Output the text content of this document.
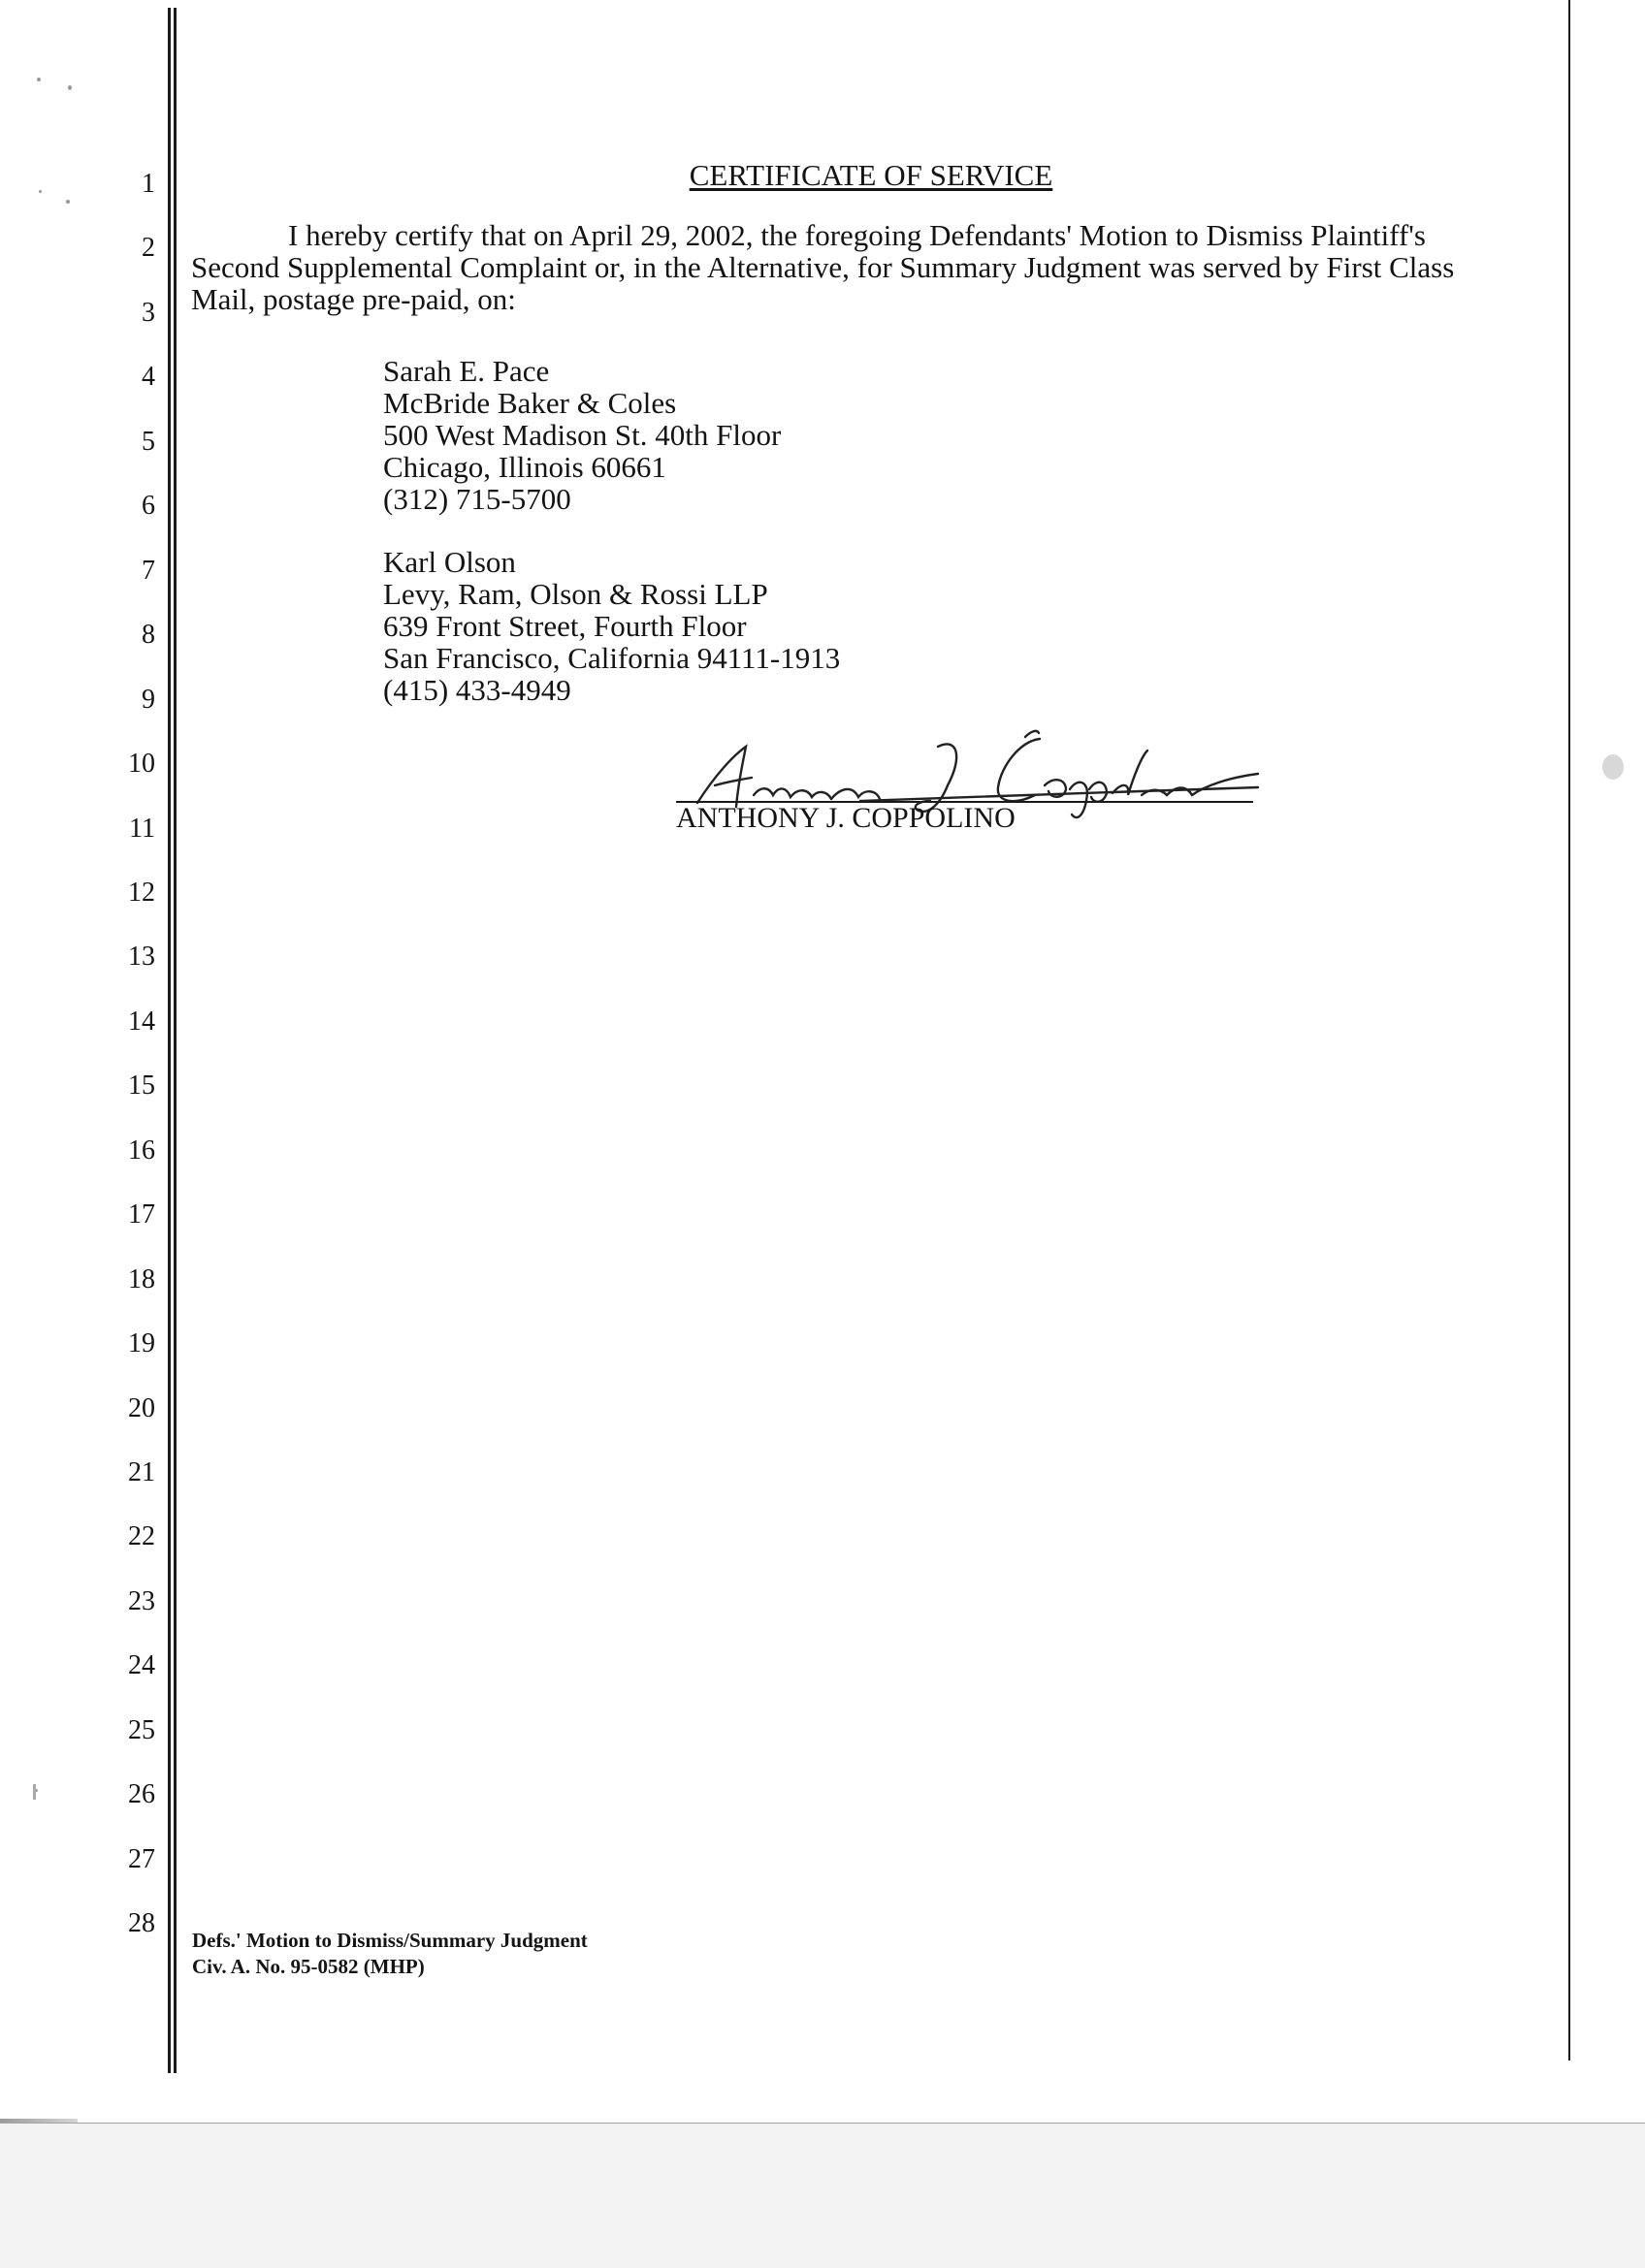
1
2
3
4
5
6
7
8
9
10
11
12
13
14
15
16
17
18
19
20
21
22
23
24
25
26
27
28
CERTIFICATE OF SERVICE
I hereby certify that on April 29, 2002, the foregoing Defendants' Motion to Dismiss Plaintiff's Second Supplemental Complaint or, in the Alternative, for Summary Judgment was served by First Class Mail, postage pre-paid, on:
Sarah E. Pace
McBride Baker & Coles
500 West Madison St. 40th Floor
Chicago, Illinois 60661
(312) 715-5700
Karl Olson
Levy, Ram, Olson & Rossi LLP
639 Front Street, Fourth Floor
San Francisco, California 94111-1913
(415) 433-4949
ANTHONY J. COPPOLINO
Defs.' Motion to Dismiss/Summary Judgment
Civ. A. No. 95-0582 (MHP)
